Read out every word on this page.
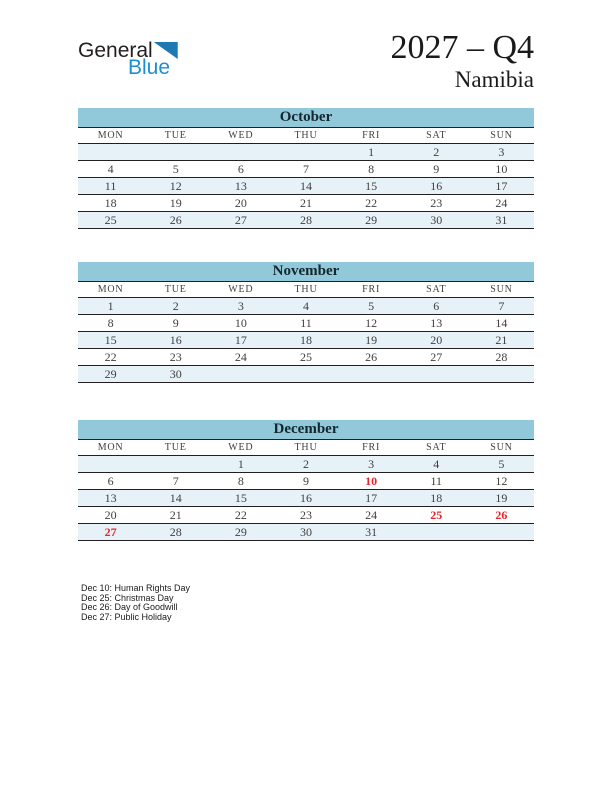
General
Blue
2027 – Q4
Namibia
October
MON	TUE	WED	THU	FRI	SAT	SUN
				1	2	3
4	5	6	7	8	9	10
11	12	13	14	15	16	17
18	19	20	21	22	23	24
25	26	27	28	29	30	31
November
MON	TUE	WED	THU	FRI	SAT	SUN
1	2	3	4	5	6	7
8	9	10	11	12	13	14
15	16	17	18	19	20	21
22	23	24	25	26	27	28
29	30					
December
MON	TUE	WED	THU	FRI	SAT	SUN
		1	2	3	4	5
6	7	8	9	10	11	12
13	14	15	16	17	18	19
20	21	22	23	24	25	26
27	28	29	30	31		
Dec 10: Human Rights Day
Dec 25: Christmas Day
Dec 26: Day of Goodwill
Dec 27: Public Holiday
